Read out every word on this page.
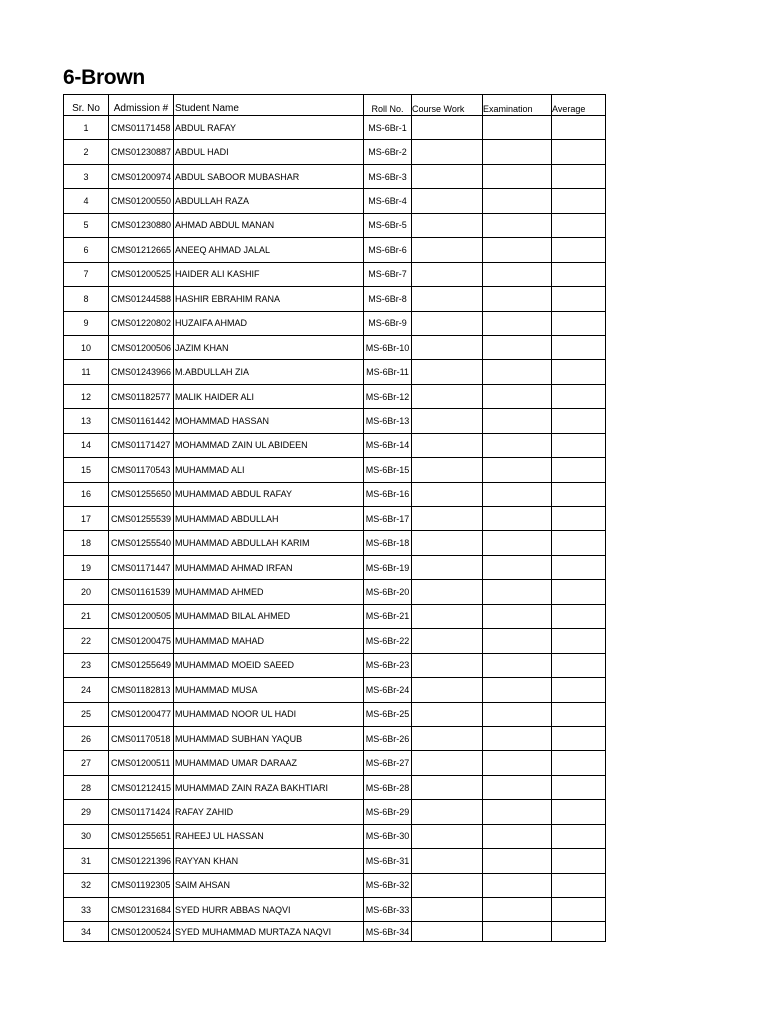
6-Brown
Sr. No	Admission #	Student Name	Roll No.	Course Work	Examination	Average
1	CMS01171458	ABDUL RAFAY	MS-6Br-1			
2	CMS01230887	ABDUL HADI	MS-6Br-2			
3	CMS01200974	ABDUL SABOOR MUBASHAR	MS-6Br-3			
4	CMS01200550	ABDULLAH RAZA	MS-6Br-4			
5	CMS01230880	AHMAD ABDUL MANAN	MS-6Br-5			
6	CMS01212665	ANEEQ AHMAD JALAL	MS-6Br-6			
7	CMS01200525	HAIDER ALI KASHIF	MS-6Br-7			
8	CMS01244588	HASHIR EBRAHIM RANA	MS-6Br-8			
9	CMS01220802	HUZAIFA AHMAD	MS-6Br-9			
10	CMS01200506	JAZIM KHAN	MS-6Br-10			
11	CMS01243966	M.ABDULLAH ZIA	MS-6Br-11			
12	CMS01182577	MALIK HAIDER ALI	MS-6Br-12			
13	CMS01161442	MOHAMMAD HASSAN	MS-6Br-13			
14	CMS01171427	MOHAMMAD ZAIN UL ABIDEEN	MS-6Br-14			
15	CMS01170543	MUHAMMAD ALI	MS-6Br-15			
16	CMS01255650	MUHAMMAD ABDUL RAFAY	MS-6Br-16			
17	CMS01255539	MUHAMMAD ABDULLAH	MS-6Br-17			
18	CMS01255540	MUHAMMAD ABDULLAH KARIM	MS-6Br-18			
19	CMS01171447	MUHAMMAD AHMAD IRFAN	MS-6Br-19			
20	CMS01161539	MUHAMMAD AHMED	MS-6Br-20			
21	CMS01200505	MUHAMMAD BILAL AHMED	MS-6Br-21			
22	CMS01200475	MUHAMMAD MAHAD	MS-6Br-22			
23	CMS01255649	MUHAMMAD MOEID SAEED	MS-6Br-23			
24	CMS01182813	MUHAMMAD MUSA	MS-6Br-24			
25	CMS01200477	MUHAMMAD NOOR UL HADI	MS-6Br-25			
26	CMS01170518	MUHAMMAD SUBHAN YAQUB	MS-6Br-26			
27	CMS01200511	MUHAMMAD UMAR DARAAZ	MS-6Br-27			
28	CMS01212415	MUHAMMAD ZAIN RAZA BAKHTIARI	MS-6Br-28			
29	CMS01171424	RAFAY ZAHID	MS-6Br-29			
30	CMS01255651	RAHEEJ UL HASSAN	MS-6Br-30			
31	CMS01221396	RAYYAN KHAN	MS-6Br-31			
32	CMS01192305	SAIM AHSAN	MS-6Br-32			
33	CMS01231684	SYED HURR ABBAS NAQVI	MS-6Br-33			
34	CMS01200524	SYED MUHAMMAD MURTAZA NAQVI	MS-6Br-34			
